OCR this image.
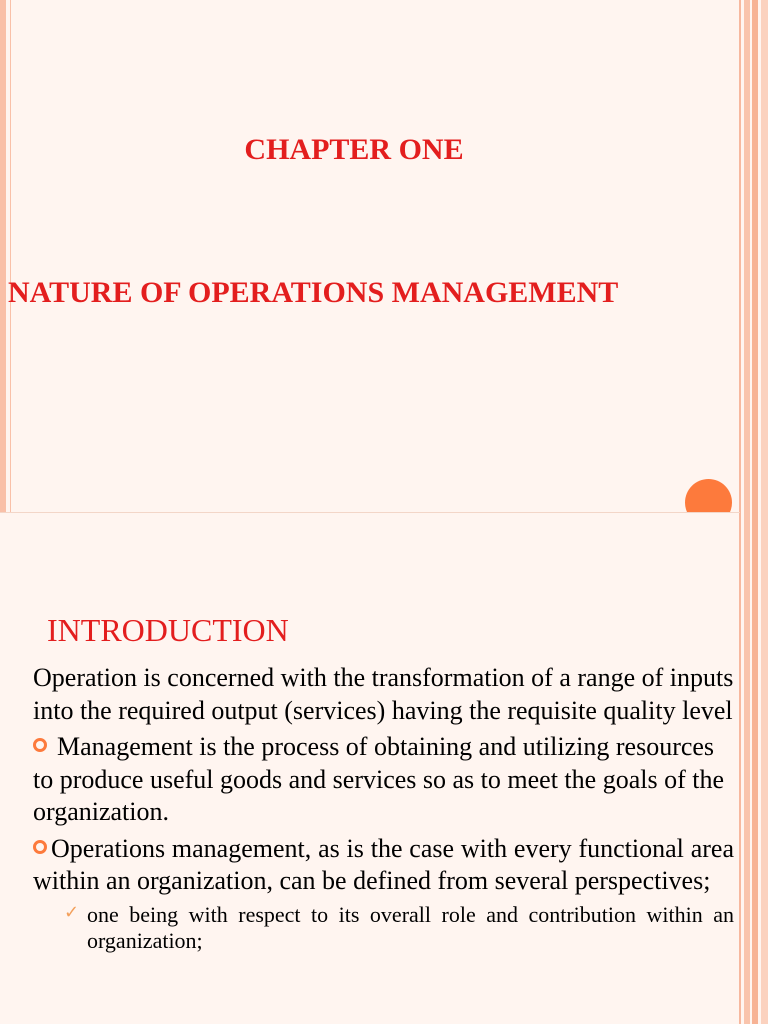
CHAPTER ONE
NATURE OF OPERATIONS MANAGEMENT
INTRODUCTION

Operation is concerned with the transformation of a range of inputs into the required output (services) having the requisite quality level

Management is the process of obtaining and utilizing resources to produce useful goods and services so as to meet the goals of the organization.

Operations management, as is the case with every functional area within an organization, can be defined from several perspectives;

✓ one being with respect to its overall role and contribution within an organization;
